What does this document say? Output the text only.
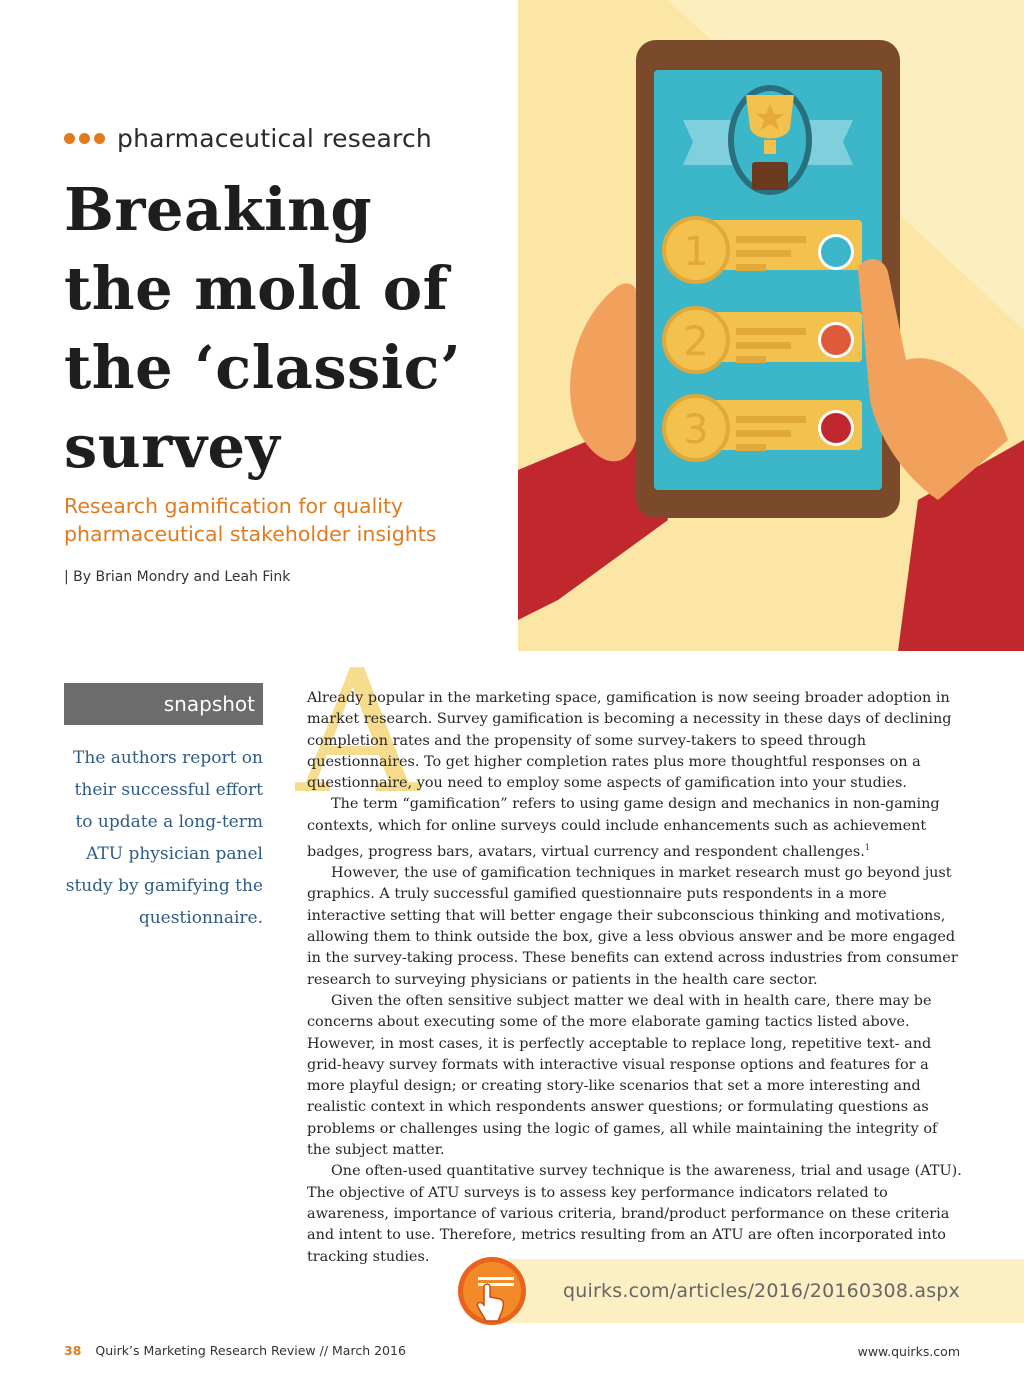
pharmaceutical research
Breaking
the mold of
the ‘classic’
survey
Research gamification for quality
pharmaceutical stakeholder insights
| By Brian Mondry and Leah Fink
1
2
3
snapshot
The authors report on
their successful effort
to update a long-term
ATU physician panel
study by gamifying the
questionnaire.
A

Already popular in the marketing space, gamification is now seeing broader adoption in market research. Survey gamification is becoming a necessity in these days of declining completion rates and the propensity of some survey-takers to speed through questionnaires. To get higher completion rates plus more thoughtful responses on a questionnaire, you need to employ some aspects of gamification into your studies.

The term “gamification” refers to using game design and mechanics in non-gaming contexts, which for online surveys could include enhancements such as achievement badges, progress bars, avatars, virtual currency and respondent challenges.$^1$

However, the use of gamification techniques in market research must go beyond just graphics. A truly successful gamified questionnaire puts respondents in a more interactive setting that will better engage their subconscious thinking and motivations, allowing them to think outside the box, give a less obvious answer and be more engaged in the survey-taking process. These benefits can extend across industries from consumer research to surveying physicians or patients in the health care sector.

Given the often sensitive subject matter we deal with in health care, there may be concerns about executing some of the more elaborate gaming tactics listed above. However, in most cases, it is perfectly acceptable to replace long, repetitive text- and grid-heavy survey formats with interactive visual response options and features for a more playful design; or creating story-like scenarios that set a more interesting and realistic context in which respondents answer questions; or formulating questions as problems or challenges using the logic of games, all while maintaining the integrity of the subject matter.

One often-used quantitative survey technique is the awareness, trial and usage (ATU). The objective of ATU surveys is to assess key performance indicators related to awareness, importance of various criteria, brand/product performance on these criteria and intent to use. Therefore, metrics resulting from an ATU are often incorporated into tracking studies.

quirks.com/articles/2016/20160308.aspx
38 Quirk’s Marketing Research Review // March 2016	www.quirks.com
